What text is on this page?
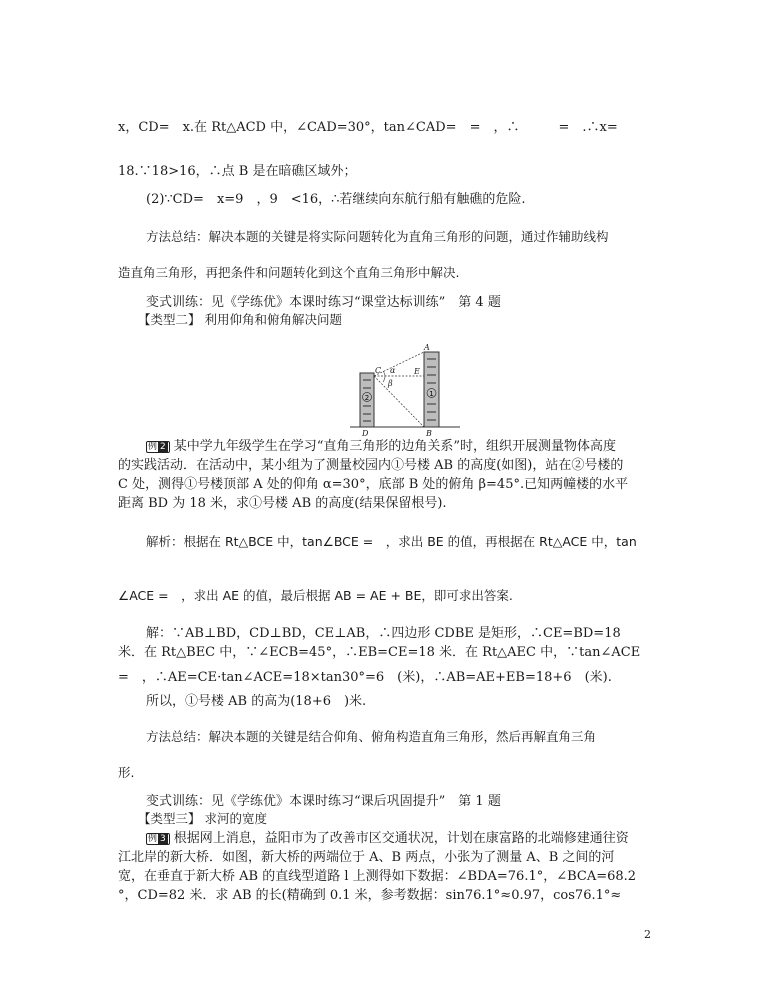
x，CD=　x.在 Rt△ACD 中，∠CAD=30°，tan∠CAD=　=　，∴　　　=　.∴x=
18.∵18>16，∴点 B 是在暗礁区域外；
(2)∵CD=　x=9　，9　<16，∴若继续向东航行船有触礁的危险.
方法总结：解决本题的关键是将实际问题转化为直角三角形的问题，通过作辅助线构
造直角三角形，再把条件和问题转化到这个直角三角形中解决.
变式训练：见《学练优》本课时练习“课堂达标训练”　第 4 题
【类型二】 利用仰角和俯角解决问题
2	1
A
B
C
D
E
α
β
例 2 某中学九年级学生在学习“直角三角形的边角关系”时，组织开展测量物体高度
的实践活动．在活动中，某小组为了测量校园内①号楼 AB 的高度(如图)，站在②号楼的
C 处，测得①号楼顶部 A 处的仰角 α=30°，底部 B 处的俯角 β=45°.已知两幢楼的水平
距离 BD 为 18 米，求①号楼 AB 的高度(结果保留根号).
解析：根据在 Rt△BCE 中，tan∠BCE =　，求出 BE 的值，再根据在 Rt△ACE 中，tan
∠ACE =　，求出 AE 的值，最后根据 AB = AE + BE，即可求出答案.
解：∵AB⊥BD，CD⊥BD，CE⊥AB，∴四边形 CDBE 是矩形，∴CE=BD=18
米．在 Rt△BEC 中，∵∠ECB=45°，∴EB=CE=18 米．在 Rt△AEC 中，∵tan∠ACE
=　，∴AE=CE·tan∠ACE=18×tan30°=6　(米)，∴AB=AE+EB=18+6　(米).
所以，①号楼 AB 的高为(18+6　)米.
方法总结：解决本题的关键是结合仰角、俯角构造直角三角形，然后再解直角三角
形.
变式训练：见《学练优》本课时练习“课后巩固提升”　第 1 题
【类型三】 求河的宽度
例 3 根据网上消息，益阳市为了改善市区交通状况，计划在康富路的北端修建通往资
江北岸的新大桥．如图，新大桥的两端位于 A、B 两点，小张为了测量 A、B 之间的河
宽，在垂直于新大桥 AB 的直线型道路 l 上测得如下数据：∠BDA=76.1°，∠BCA=68.2
°，CD=82 米．求 AB 的长(精确到 0.1 米，参考数据：sin76.1°≈0.97，cos76.1°≈
2
